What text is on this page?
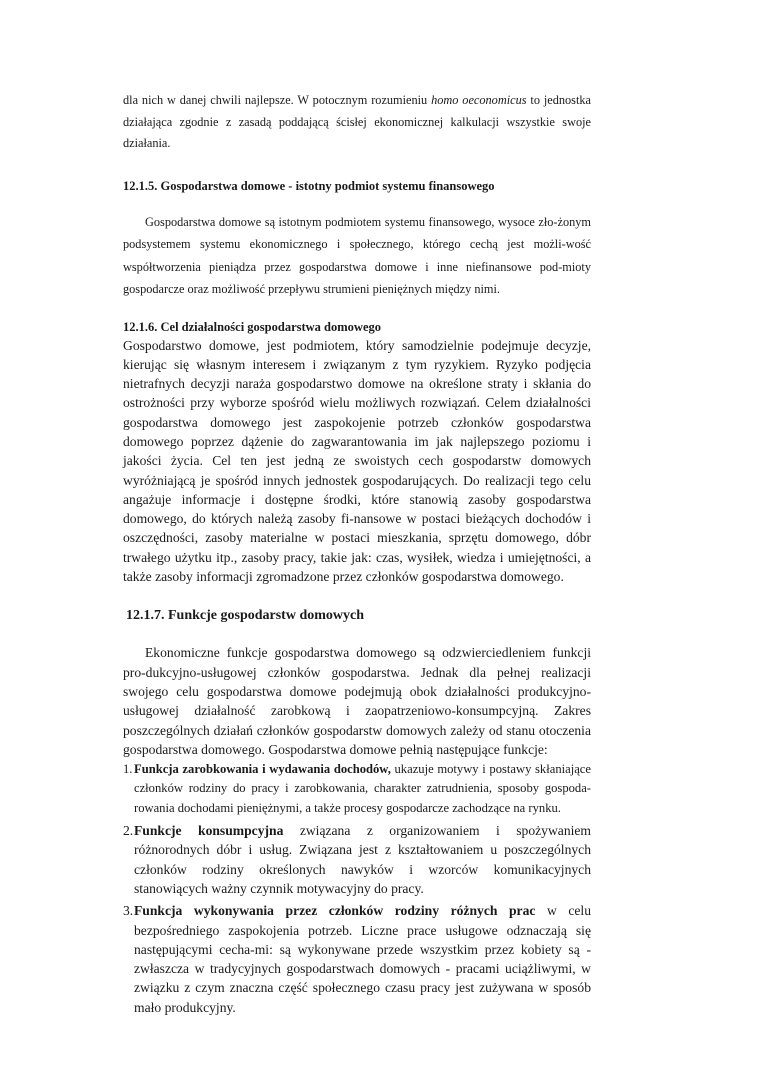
dla nich w danej chwili najlepsze. W potocznym rozumieniu homo oeconomicus to jednostka działająca zgodnie z zasadą poddającą ścisłej ekonomicznej kalkulacji wszystkie swoje działania.

12.1.5. Gospodarstwa domowe - istotny podmiot systemu finansowego

Gospodarstwa domowe są istotnym podmiotem systemu finansowego, wysoce zło-żonym podsystemem systemu ekonomicznego i społecznego, którego cechą jest możli-wość współtworzenia pieniądza przez gospodarstwa domowe i inne niefinansowe pod-mioty gospodarcze oraz możliwość przepływu strumieni pieniężnych między nimi.

12.1.6. Cel działalności gospodarstwa domowego

Gospodarstwo domowe, jest podmiotem, który samodzielnie podejmuje decyzje, kierując się własnym interesem i związanym z tym ryzykiem. Ryzyko podjęcia nietrafnych decyzji naraża gospodarstwo domowe na określone straty i skłania do ostrożności przy wyborze spośród wielu możliwych rozwiązań. Celem działalności gospodarstwa domowego jest zaspokojenie potrzeb członków gospodarstwa domowego poprzez dążenie do zagwarantowania im jak najlepszego poziomu i jakości życia. Cel ten jest jedną ze swoistych cech gospodarstw domowych wyróżniającą je spośród innych jednostek gospodarujących. Do realizacji tego celu angażuje informacje i dostępne środki, które stanowią zasoby gospodarstwa domowego, do których należą zasoby fi-nansowe w postaci bieżących dochodów i oszczędności, zasoby materialne w postaci mieszkania, sprzętu domowego, dóbr trwałego użytku itp., zasoby pracy, takie jak: czas, wysiłek, wiedza i umiejętności, a także zasoby informacji zgromadzone przez członków gospodarstwa domowego.

12.1.7. Funkcje gospodarstw domowych

Ekonomiczne funkcje gospodarstwa domowego są odzwierciedleniem funkcji pro-dukcyjno-usługowej członków gospodarstwa. Jednak dla pełnej realizacji swojego celu gospodarstwa domowe podejmują obok działalności produkcyjno-usługowej działalność zarobkową i zaopatrzeniowo-konsumpcyjną. Zakres poszczególnych działań członków gospodarstw domowych zależy od stanu otoczenia gospodarstwa domowego. Gospodarstwa domowe pełnią następujące funkcje:

1. Funkcja zarobkowania i wydawania dochodów, ukazuje motywy i postawy skłaniające członków rodziny do pracy i zarobkowania, charakter zatrudnienia, sposoby gospoda-rowania dochodami pieniężnymi, a także procesy gospodarcze zachodzące na rynku.
2. Funkcje konsumpcyjna związana z organizowaniem i spożywaniem różnorodnych dóbr i usług. Związana jest z kształtowaniem u poszczególnych członków rodziny określonych nawyków i wzorców komunikacyjnych stanowiących ważny czynnik motywacyjny do pracy.
3. Funkcja wykonywania przez członków rodziny różnych prac w celu bezpośredniego zaspokojenia potrzeb. Liczne prace usługowe odznaczają się następującymi cecha-mi: są wykonywane przede wszystkim przez kobiety są - zwłaszcza w tradycyjnych gospodarstwach domowych - pracami uciążliwymi, w związku z czym znaczna część społecznego czasu pracy jest zużywana w sposób mało produkcyjny.
